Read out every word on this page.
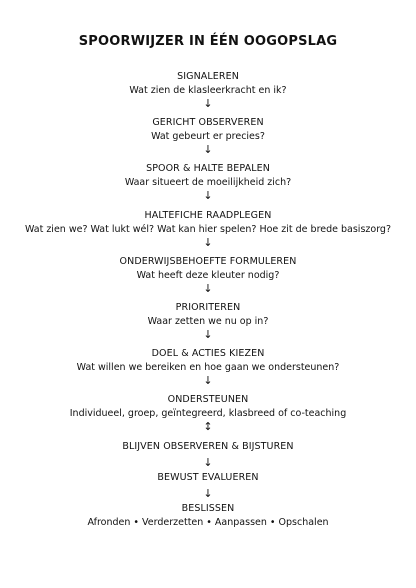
SPOORWIJZER IN ÉÉN OOGOPSLAG
SIGNALEREN
Wat zien de klasleerkracht en ik?
↓
GERICHT OBSERVEREN
Wat gebeurt er precies?
↓
SPOOR & HALTE BEPALEN
Waar situeert de moeilijkheid zich?
↓
HALTEFICHE RAADPLEGEN
Wat zien we? Wat lukt wél? Wat kan hier spelen? Hoe zit de brede basiszorg?
↓
ONDERWIJSBEHOEFTE FORMULEREN
Wat heeft deze kleuter nodig?
↓
PRIORITEREN
Waar zetten we nu op in?
↓
DOEL & ACTIES KIEZEN
Wat willen we bereiken en hoe gaan we ondersteunen?
↓
ONDERSTEUNEN
Individueel, groep, geïntegreerd, klasbreed of co-teaching
↕
BLIJVEN OBSERVEREN & BIJSTUREN
↓
BEWUST EVALUEREN
↓
BESLISSEN
Afronden • Verderzetten • Aanpassen • Opschalen
